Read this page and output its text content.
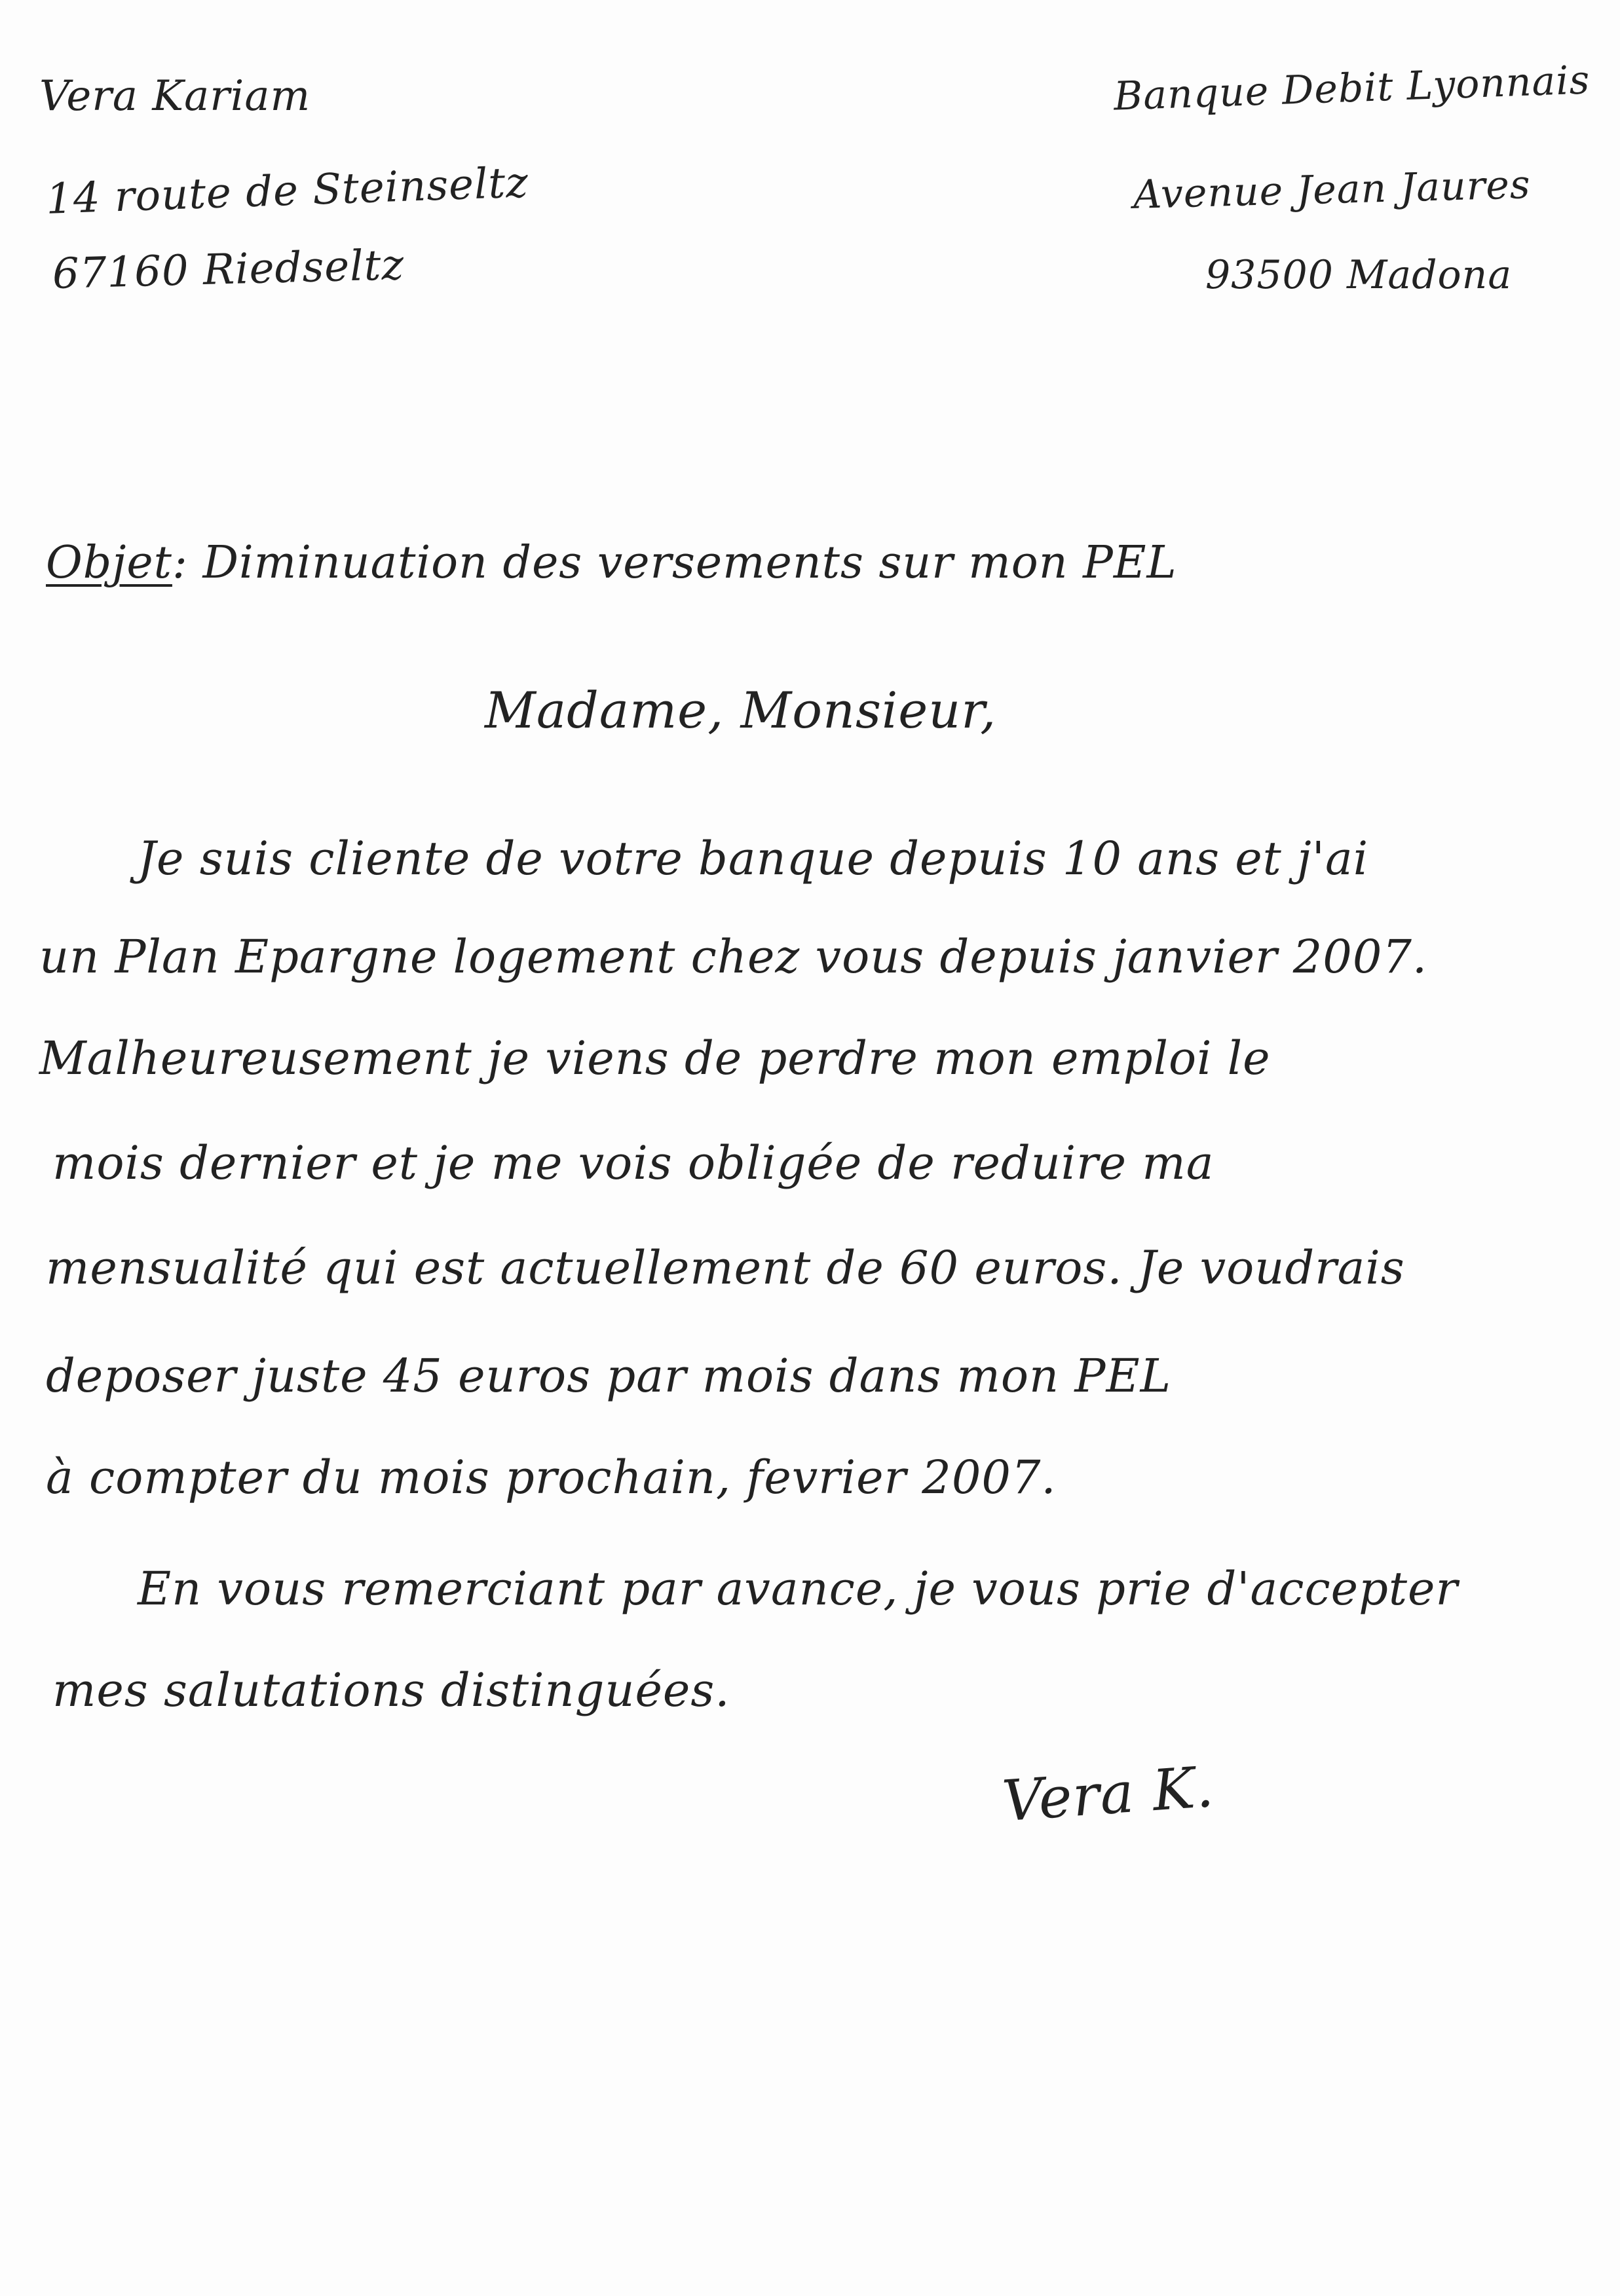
Vera Kariam
14 route de Steinseltz
67160 Riedseltz
Banque Debit Lyonnais
Avenue Jean Jaures
93500 Madona
Objet: Diminuation des versements sur mon PEL
Madame, Monsieur,
Je suis cliente de votre banque depuis 10 ans et j'ai
un Plan Epargne logement chez vous depuis janvier 2007.
Malheureusement je viens de perdre mon emploi le
mois dernier et je me vois obligée de reduire ma
mensualité qui est actuellement de 60 euros. Je voudrais
deposer juste 45 euros par mois dans mon PEL
à compter du mois prochain, fevrier 2007.
En vous remerciant par avance, je vous prie d'accepter
mes salutations distinguées.
Vera K.
